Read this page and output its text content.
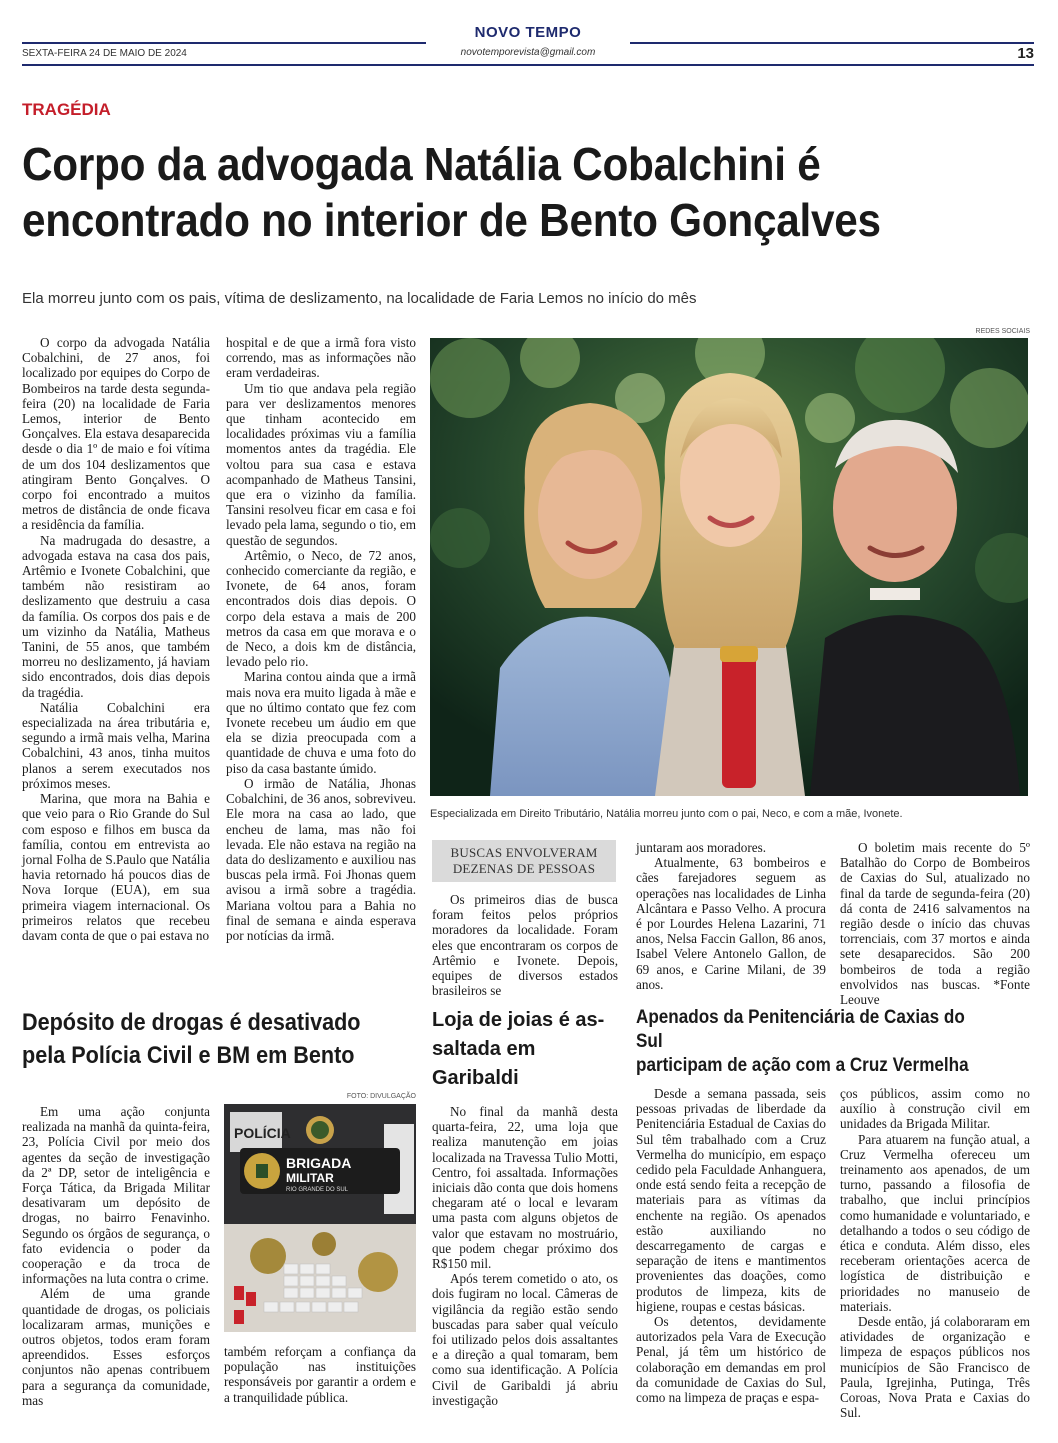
NOVO TEMPO
SEXTA-FEIRA 24 DE MAIO DE 2024	novotemporevista@gmail.com	13
TRAGÉDIA
Corpo da advogada Natália Cobalchini é
encontrado no interior de Bento Gonçalves
Ela morreu junto com os pais, vítima de deslizamento, na localidade de Faria Lemos no início do mês

O corpo da advogada Natália Cobalchini, de 27 anos, foi localizado por equipes do Corpo de Bombeiros na tarde desta segunda-feira (20) na localidade de Faria Lemos, interior de Bento Gonçalves. Ela estava desaparecida desde o dia 1º de maio e foi vítima de um dos 104 deslizamentos que atingiram Bento Gonçalves. O corpo foi encontrado a muitos metros de distância de onde ficava a residência da família.

Na madrugada do desastre, a advogada estava na casa dos pais, Artêmio e Ivonete Cobalchini, que também não resistiram ao deslizamento que destruiu a casa da família. Os corpos dos pais e de um vizinho da Natália, Matheus Tanini, de 55 anos, que também morreu no deslizamento, já haviam sido encontrados, dois dias depois da tragédia.

Natália Cobalchini era especializada na área tributária e, segundo a irmã mais velha, Marina Cobalchini, 43 anos, tinha muitos planos a serem executados nos próximos meses.

Marina, que mora na Bahia e que veio para o Rio Grande do Sul com esposo e filhos em busca da família, contou em entrevista ao jornal Folha de S.Paulo que Natália havia retornado há poucos dias de Nova Iorque (EUA), em sua primeira viagem internacional. Os primeiros relatos que recebeu davam conta de que o pai estava no

hospital e de que a irmã fora visto correndo, mas as informações não eram verdadeiras.

Um tio que andava pela região para ver deslizamentos menores que tinham acontecido em localidades próximas viu a família momentos antes da tragédia. Ele voltou para sua casa e estava acompanhado de Matheus Tansini, que era o vizinho da família. Tansini resolveu ficar em casa e foi levado pela lama, segundo o tio, em questão de segundos.

Artêmio, o Neco, de 72 anos, conhecido comerciante da região, e Ivonete, de 64 anos, foram encontrados dois dias depois. O corpo dela estava a mais de 200 metros da casa em que morava e o de Neco, a dois km de distância, levado pelo rio.

Marina contou ainda que a irmã mais nova era muito ligada à mãe e que no último contato que fez com Ivonete recebeu um áudio em que ela se dizia preocupada com a quantidade de chuva e uma foto do piso da casa bastante úmido.

O irmão de Natália, Jhonas Cobalchini, de 36 anos, sobreviveu. Ele mora na casa ao lado, que encheu de lama, mas não foi levada. Ele não estava na região na data do deslizamento e auxiliou nas buscas pela irmã. Foi Jhonas quem avisou a irmã sobre a tragédia. Mariana voltou para a Bahia no final de semana e ainda esperava por notícias da irmã.

REDES SOCIAIS
Especializada em Direito Tributário, Natália morreu junto com o pai, Neco, e com a mãe, Ivonete.
BUSCAS ENVOLVERAM
DEZENAS DE PESSOAS

Os primeiros dias de busca foram feitos pelos próprios moradores da localidade. Foram eles que encontraram os corpos de Artêmio e Ivonete. Depois, equipes de diversos estados brasileiros se

juntaram aos moradores.

Atualmente, 63 bombeiros e cães farejadores seguem as operações nas localidades de Linha Alcântara e Passo Velho. A procura é por Lourdes Helena Lazarini, 71 anos, Nelsa Faccin Gallon, 86 anos, Isabel Velere Antonelo Gallon, de 69 anos, e Carine Milani, de 39 anos.

O boletim mais recente do 5º Batalhão do Corpo de Bombeiros de Caxias do Sul, atualizado no final da tarde de segunda-feira (20) dá conta de 2416 salvamentos na região desde o início das chuvas torrenciais, com 37 mortos e ainda sete desaparecidos. São 200 bombeiros de toda a região envolvidos nas buscas. *Fonte Leouve

Depósito de drogas é desativado
pela Polícia Civil e BM em Bento

Em uma ação conjunta realizada na manhã da quinta-feira, 23, Polícia Civil por meio dos agentes da seção de investigação da 2ª DP, setor de inteligência e Força Tática, da Brigada Militar desativaram um depósito de drogas, no bairro Fenavinho. Segundo os órgãos de segurança, o fato evidencia o poder da cooperação e da troca de informações na luta contra o crime.

Além de uma grande quantidade de drogas, os policiais localizaram armas, munições e outros objetos, todos eram foram apreendidos. Esses esforços conjuntos não apenas contribuem para a segurança da comunidade, mas

FOTO: DIVULGAÇÃO
POLÍCIA
BRIGADA
MILITAR
RIO GRANDE DO SUL

também reforçam a confiança da população nas instituições responsáveis por garantir a ordem e a tranquilidade pública.

Loja de joias é as-
saltada em
Garibaldi

No final da manhã desta quarta-feira, 22, uma loja que realiza manutenção em joias localizada na Travessa Tulio Motti, Centro, foi assaltada. Informações iniciais dão conta que dois homens chegaram até o local e levaram uma pasta com alguns objetos de valor que estavam no mostruário, que podem chegar próximo dos R$150 mil.

Após terem cometido o ato, os dois fugiram no local. Câmeras de vigilância da região estão sendo buscadas para saber qual veículo foi utilizado pelos dois assaltantes e a direção a qual tomaram, bem como sua identificação. A Polícia Civil de Garibaldi já abriu investigação

Apenados da Penitenciária de Caxias do Sul
participam de ação com a Cruz Vermelha

Desde a semana passada, seis pessoas privadas de liberdade da Penitenciária Estadual de Caxias do Sul têm trabalhado com a Cruz Vermelha do município, em espaço cedido pela Faculdade Anhanguera, onde está sendo feita a recepção de materiais para as vítimas da enchente na região. Os apenados estão auxiliando no descarregamento de cargas e separação de itens e mantimentos provenientes das doações, como produtos de limpeza, kits de higiene, roupas e cestas básicas.

Os detentos, devidamente autorizados pela Vara de Execução Penal, já têm um histórico de colaboração em demandas em prol da comunidade de Caxias do Sul, como na limpeza de praças e espa-

ços públicos, assim como no auxílio à construção civil em unidades da Brigada Militar.

Para atuarem na função atual, a Cruz Vermelha ofereceu um treinamento aos apenados, de um turno, passando a filosofia de trabalho, que inclui princípios como humanidade e voluntariado, e detalhando a todos o seu código de ética e conduta. Além disso, eles receberam orientações acerca de logística de distribuição e prioridades no manuseio de materiais.

Desde então, já colaboraram em atividades de organização e limpeza de espaços públicos nos municípios de São Francisco de Paula, Igrejinha, Putinga, Três Coroas, Nova Prata e Caxias do Sul.
